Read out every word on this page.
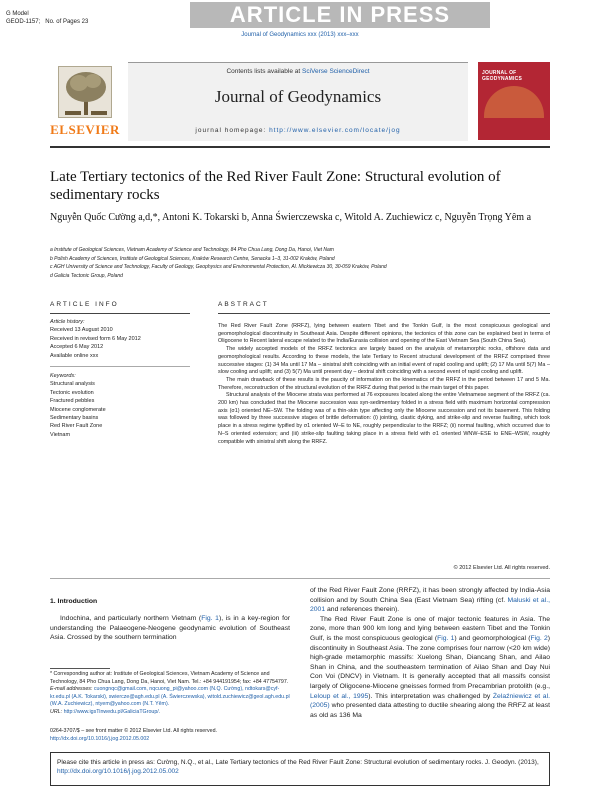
G Model
GEOD-1157; No. of Pages 23	ARTICLE IN PRESS
Journal of Geodynamics xxx (2013) xxx–xxx
ELSEVIER
Contents lists available at SciVerse ScienceDirect
Journal of Geodynamics
journal homepage: http://www.elsevier.com/locate/jog
JOURNAL OF GEODYNAMICS
Late Tertiary tectonics of the Red River Fault Zone: Structural evolution of sedimentary rocks
Nguyễn Quốc Cường a,d,*, Antoni K. Tokarski b, Anna Świerczewska c, Witold A. Zuchiewicz c, Nguyễn Trọng Yêm a
a Institute of Geological Sciences, Vietnam Academy of Science and Technology, 84 Pho Chua Lang, Dong Da, Hanoi, Viet Nam
b Polish Academy of Sciences, Institute of Geological Sciences, Kraków Research Centre, Senacka 1–3, 31-002 Kraków, Poland
c AGH University of Science and Technology, Faculty of Geology, Geophysics and Environmental Protection, Al. Mickiewicza 30, 30-059 Kraków, Poland
d Galicia Tectonic Group, Poland
ARTICLE INFO
Article history:
Received 13 August 2010
Received in revised form 6 May 2012
Accepted 6 May 2012
Available online xxx
Keywords:
Structural analysis
Tectonic evolution
Fractured pebbles
Miocene conglomerate
Sedimentary basins
Red River Fault Zone
Vietnam
ABSTRACT

The Red River Fault Zone (RRFZ), lying between eastern Tibet and the Tonkin Gulf, is the most conspicuous geological and geomorphological discontinuity in Southeast Asia. Despite different opinions, the tectonics of this zone can be explained best in terms of Oligocene to Recent lateral escape related to the India/Eurasia collision and opening of the East Vietnam Sea (South China Sea).

The widely accepted models of the RRFZ tectonics are largely based on the analysis of metamorphic rocks, offshore data and geomorphological results. According to these models, the late Tertiary to Recent structural development of the RRFZ comprised three successive stages: (1) 34 Ma until 17 Ma – sinistral shift coinciding with an initial event of rapid cooling and uplift; (2) 17 Ma until 5(7) Ma – slow cooling and uplift; and (3) 5(7) Ma until present day – dextral shift coinciding with a second event of rapid cooling and uplift.

The main drawback of these results is the paucity of information on the kinematics of the RRFZ in the period between 17 and 5 Ma. Therefore, reconstruction of the structural evolution of the RRFZ during that period is the main target of this paper.

Structural analysis of the Miocene strata was performed at 76 exposures located along the entire Vietnamese segment of the RRFZ (ca. 200 km) has concluded that the Miocene succession was syn-sedimentary folded in a stress field with maximum horizontal compression axis (σ1) oriented NE–SW. The folding was of a thin-skin type affecting only the Miocene succession and not its basement. This folding was followed by three successive stages of brittle deformation: (i) jointing, clastic dyking, and strike-slip and reverse faulting, which took place in a stress regime typified by σ1 oriented W–E to NE, roughly perpendicular to the RRFZ; (ii) normal faulting, which occurred due to N–S oriented extension; and (iii) strike-slip faulting taking place in a stress field with σ1 oriented WNW–ESE to ENE–WSW, roughly compatible with sinistral shift along the RRFZ.

© 2012 Elsevier Ltd. All rights reserved.
1. Introduction

Indochina, and particularly northern Vietnam (Fig. 1), is in a key-region for understanding the Palaeogene-Neogene geodynamic evolution of Southeast Asia. Crossed by the southern termination

of the Red River Fault Zone (RRFZ), it has been strongly affected by India-Asia collision and by South China Sea (East Vietnam Sea) rifting (cf. Maluski et al., 2001 and references therein).

The Red River Fault Zone is one of major tectonic features in Asia. The zone, more than 900 km long and lying between eastern Tibet and the Tonkin Gulf, is the most conspicuous geological (Fig. 1) and geomorphological (Fig. 2) discontinuity in Southeast Asia. The zone comprises four narrow (<20 km wide) high-grade metamorphic massifs: Xuelong Shan, Diancang Shan, and Ailao Shan in China, and the southeastern termination of Ailao Shan and Day Nui Con Voi (DNCV) in Vietnam. It is generally accepted that all massifs consist largely of Oligocene-Miocene gneisses formed from Precambrian protolith (e.g., Leloup et al., 1995). This interpretation was challenged by Żelaźniewicz et al. (2005) who presented data attesting to ductile shearing along the RRFZ at least as old as 136 Ma

* Corresponding author at: Institute of Geological Sciences, Vietnam Academy of Science and Technology, 84 Pho Chua Lang, Dong Da, Hanoi, Viet Nam. Tel.: +84 944191954; fax: +84 47754797.
E-mail addresses: cuongnqc@gmail.com, nqcuong_pi@yahoo.com (N.Q. Cường), ndtokars@cyf-kr.edu.pl (A.K. Tokarski), swiercze@agh.edu.pl (A. Świerczewska), witold.zuchiewicz@geol.agh.edu.pl (W.A. Zuchiewicz), ntyem@yahoo.com (N.T. Yêm).
URL: http://www.igsTinwedu.pl/GaliciaTGroup/.
0264-3707/$ – see front matter © 2012 Elsevier Ltd. All rights reserved.
http://dx.doi.org/10.1016/j.jog.2012.05.002
Please cite this article in press as: Cường, N.Q., et al., Late Tertiary tectonics of the Red River Fault Zone: Structural evolution of sedimentary rocks. J. Geodyn. (2013), http://dx.doi.org/10.1016/j.jog.2012.05.002
